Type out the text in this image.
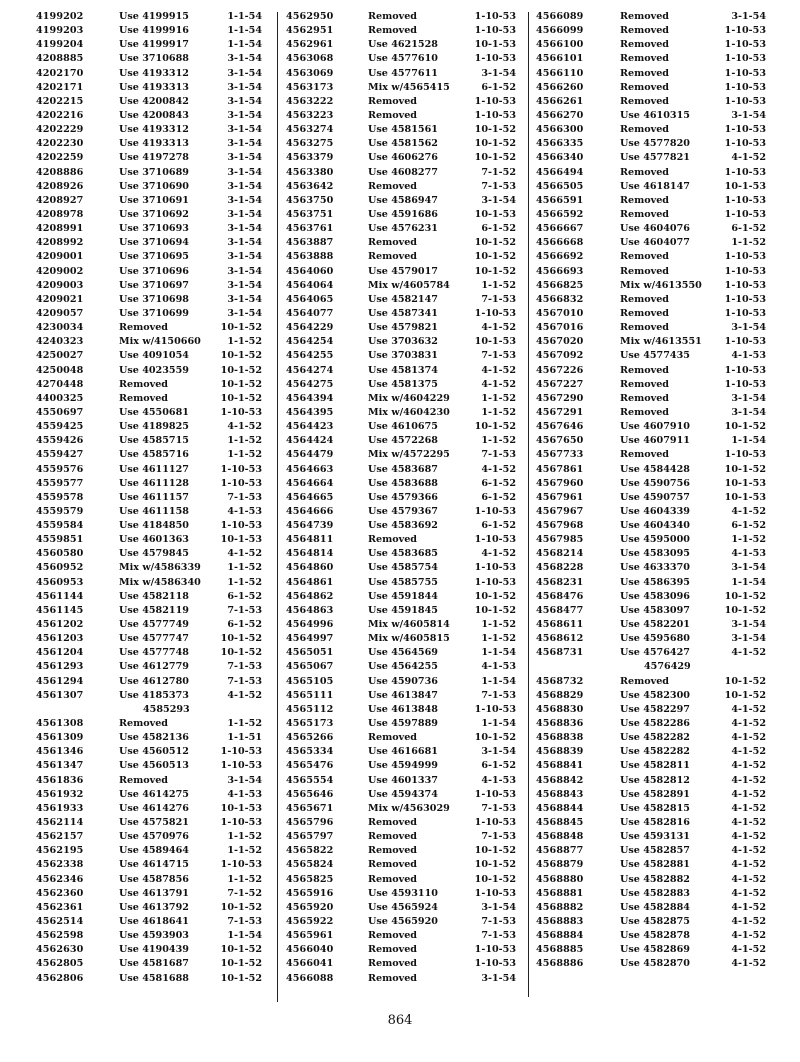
4199202	Use 4199915	1-1-54
4199203	Use 4199916	1-1-54
4199204	Use 4199917	1-1-54
4208885	Use 3710688	3-1-54
4202170	Use 4193312	3-1-54
4202171	Use 4193313	3-1-54
4202215	Use 4200842	3-1-54
4202216	Use 4200843	3-1-54
4202229	Use 4193312	3-1-54
4202230	Use 4193313	3-1-54
4202259	Use 4197278	3-1-54
4208886	Use 3710689	3-1-54
4208926	Use 3710690	3-1-54
4208927	Use 3710691	3-1-54
4208978	Use 3710692	3-1-54
4208991	Use 3710693	3-1-54
4208992	Use 3710694	3-1-54
4209001	Use 3710695	3-1-54
4209002	Use 3710696	3-1-54
4209003	Use 3710697	3-1-54
4209021	Use 3710698	3-1-54
4209057	Use 3710699	3-1-54
4230034	Removed	10-1-52
4240323	Mix w/4150660	1-1-52
4250027	Use 4091054	10-1-52
4250048	Use 4023559	10-1-52
4270448	Removed	10-1-52
4400325	Removed	10-1-52
4550697	Use 4550681	1-10-53
4559425	Use 4189825	4-1-52
4559426	Use 4585715	1-1-52
4559427	Use 4585716	1-1-52
4559576	Use 4611127	1-10-53
4559577	Use 4611128	1-10-53
4559578	Use 4611157	7-1-53
4559579	Use 4611158	4-1-53
4559584	Use 4184850	1-10-53
4559851	Use 4601363	10-1-53
4560580	Use 4579845	4-1-52
4560952	Mix w/4586339	1-1-52
4560953	Mix w/4586340	1-1-52
4561144	Use 4582118	6-1-52
4561145	Use 4582119	7-1-53
4561202	Use 4577749	6-1-52
4561203	Use 4577747	10-1-52
4561204	Use 4577748	10-1-52
4561293	Use 4612779	7-1-53
4561294	Use 4612780	7-1-53
4561307	Use 4185373	4-1-52
4585293
4561308	Removed	1-1-52
4561309	Use 4582136	1-1-51
4561346	Use 4560512	1-10-53
4561347	Use 4560513	1-10-53
4561836	Removed	3-1-54
4561932	Use 4614275	4-1-53
4561933	Use 4614276	10-1-53
4562114	Use 4575821	1-10-53
4562157	Use 4570976	1-1-52
4562195	Use 4589464	1-1-52
4562338	Use 4614715	1-10-53
4562346	Use 4587856	1-1-52
4562360	Use 4613791	7-1-52
4562361	Use 4613792	10-1-52
4562514	Use 4618641	7-1-53
4562598	Use 4593903	1-1-54
4562630	Use 4190439	10-1-52
4562805	Use 4581687	10-1-52
4562806	Use 4581688	10-1-52
4562950	Removed	1-10-53
4562951	Removed	1-10-53
4562961	Use 4621528	10-1-53
4563068	Use 4577610	1-10-53
4563069	Use 4577611	3-1-54
4563173	Mix w/4565415	6-1-52
4563222	Removed	1-10-53
4563223	Removed	1-10-53
4563274	Use 4581561	10-1-52
4563275	Use 4581562	10-1-52
4563379	Use 4606276	10-1-52
4563380	Use 4608277	7-1-52
4563642	Removed	7-1-53
4563750	Use 4586947	3-1-54
4563751	Use 4591686	10-1-53
4563761	Use 4576231	6-1-52
4563887	Removed	10-1-52
4563888	Removed	10-1-52
4564060	Use 4579017	10-1-52
4564064	Mix w/4605784	1-1-52
4564065	Use 4582147	7-1-53
4564077	Use 4587341	1-10-53
4564229	Use 4579821	4-1-52
4564254	Use 3703632	10-1-53
4564255	Use 3703831	7-1-53
4564274	Use 4581374	4-1-52
4564275	Use 4581375	4-1-52
4564394	Mix w/4604229	1-1-52
4564395	Mix w/4604230	1-1-52
4564423	Use 4610675	10-1-52
4564424	Use 4572268	1-1-52
4564479	Mix w/4572295	7-1-53
4564663	Use 4583687	4-1-52
4564664	Use 4583688	6-1-52
4564665	Use 4579366	6-1-52
4564666	Use 4579367	1-10-53
4564739	Use 4583692	6-1-52
4564811	Removed	1-10-53
4564814	Use 4583685	4-1-52
4564860	Use 4585754	1-10-53
4564861	Use 4585755	1-10-53
4564862	Use 4591844	10-1-52
4564863	Use 4591845	10-1-52
4564996	Mix w/4605814	1-1-52
4564997	Mix w/4605815	1-1-52
4565051	Use 4564569	1-1-54
4565067	Use 4564255	4-1-53
4565105	Use 4590736	1-1-54
4565111	Use 4613847	7-1-53
4565112	Use 4613848	1-10-53
4565173	Use 4597889	1-1-54
4565266	Removed	10-1-52
4565334	Use 4616681	3-1-54
4565476	Use 4594999	6-1-52
4565554	Use 4601337	4-1-53
4565646	Use 4594374	1-10-53
4565671	Mix w/4563029	7-1-53
4565796	Removed	1-10-53
4565797	Removed	7-1-53
4565822	Removed	10-1-52
4565824	Removed	10-1-52
4565825	Removed	10-1-52
4565916	Use 4593110	1-10-53
4565920	Use 4565924	3-1-54
4565922	Use 4565920	7-1-53
4565961	Removed	7-1-53
4566040	Removed	1-10-53
4566041	Removed	1-10-53
4566088	Removed	3-1-54
4566089	Removed	3-1-54
4566099	Removed	1-10-53
4566100	Removed	1-10-53
4566101	Removed	1-10-53
4566110	Removed	1-10-53
4566260	Removed	1-10-53
4566261	Removed	1-10-53
4566270	Use 4610315	3-1-54
4566300	Removed	1-10-53
4566335	Use 4577820	1-10-53
4566340	Use 4577821	4-1-52
4566494	Removed	1-10-53
4566505	Use 4618147	10-1-53
4566591	Removed	1-10-53
4566592	Removed	1-10-53
4566667	Use 4604076	6-1-52
4566668	Use 4604077	1-1-52
4566692	Removed	1-10-53
4566693	Removed	1-10-53
4566825	Mix w/4613550 1-10-53
4566832	Removed	1-10-53
4567010	Removed	1-10-53
4567016	Removed	3-1-54
4567020	Mix w/4613551 1-10-53
4567092	Use 4577435	4-1-53
4567226	Removed	1-10-53
4567227	Removed	1-10-53
4567290	Removed	3-1-54
4567291	Removed	3-1-54
4567646	Use 4607910	10-1-52
4567650	Use 4607911	1-1-54
4567733	Removed	1-10-53
4567861	Use 4584428	10-1-52
4567960	Use 4590756	10-1-53
4567961	Use 4590757	10-1-53
4567967	Use 4604339	4-1-52
4567968	Use 4604340	6-1-52
4567985	Use 4595000	1-1-52
4568214	Use 4583095	4-1-53
4568228	Use 4633370	3-1-54
4568231	Use 4586395	1-1-54
4568476	Use 4583096	10-1-52
4568477	Use 4583097	10-1-52
4568611	Use 4582201	3-1-54
4568612	Use 4595680	3-1-54
4568731	Use 4576427	4-1-52
4576429
4568732	Removed	10-1-52
4568829	Use 4582300	10-1-52
4568830	Use 4582297	4-1-52
4568836	Use 4582286	4-1-52
4568838	Use 4582282	4-1-52
4568839	Use 4582282	4-1-52
4568841	Use 4582811	4-1-52
4568842	Use 4582812	4-1-52
4568843	Use 4582891	4-1-52
4568844	Use 4582815	4-1-52
4568845	Use 4582816	4-1-52
4568848	Use 4593131	4-1-52
4568877	Use 4582857	4-1-52
4568879	Use 4582881	4-1-52
4568880	Use 4582882	4-1-52
4568881	Use 4582883	4-1-52
4568882	Use 4582884	4-1-52
4568883	Use 4582875	4-1-52
4568884	Use 4582878	4-1-52
4568885	Use 4582869	4-1-52
4568886	Use 4582870	4-1-52
864
